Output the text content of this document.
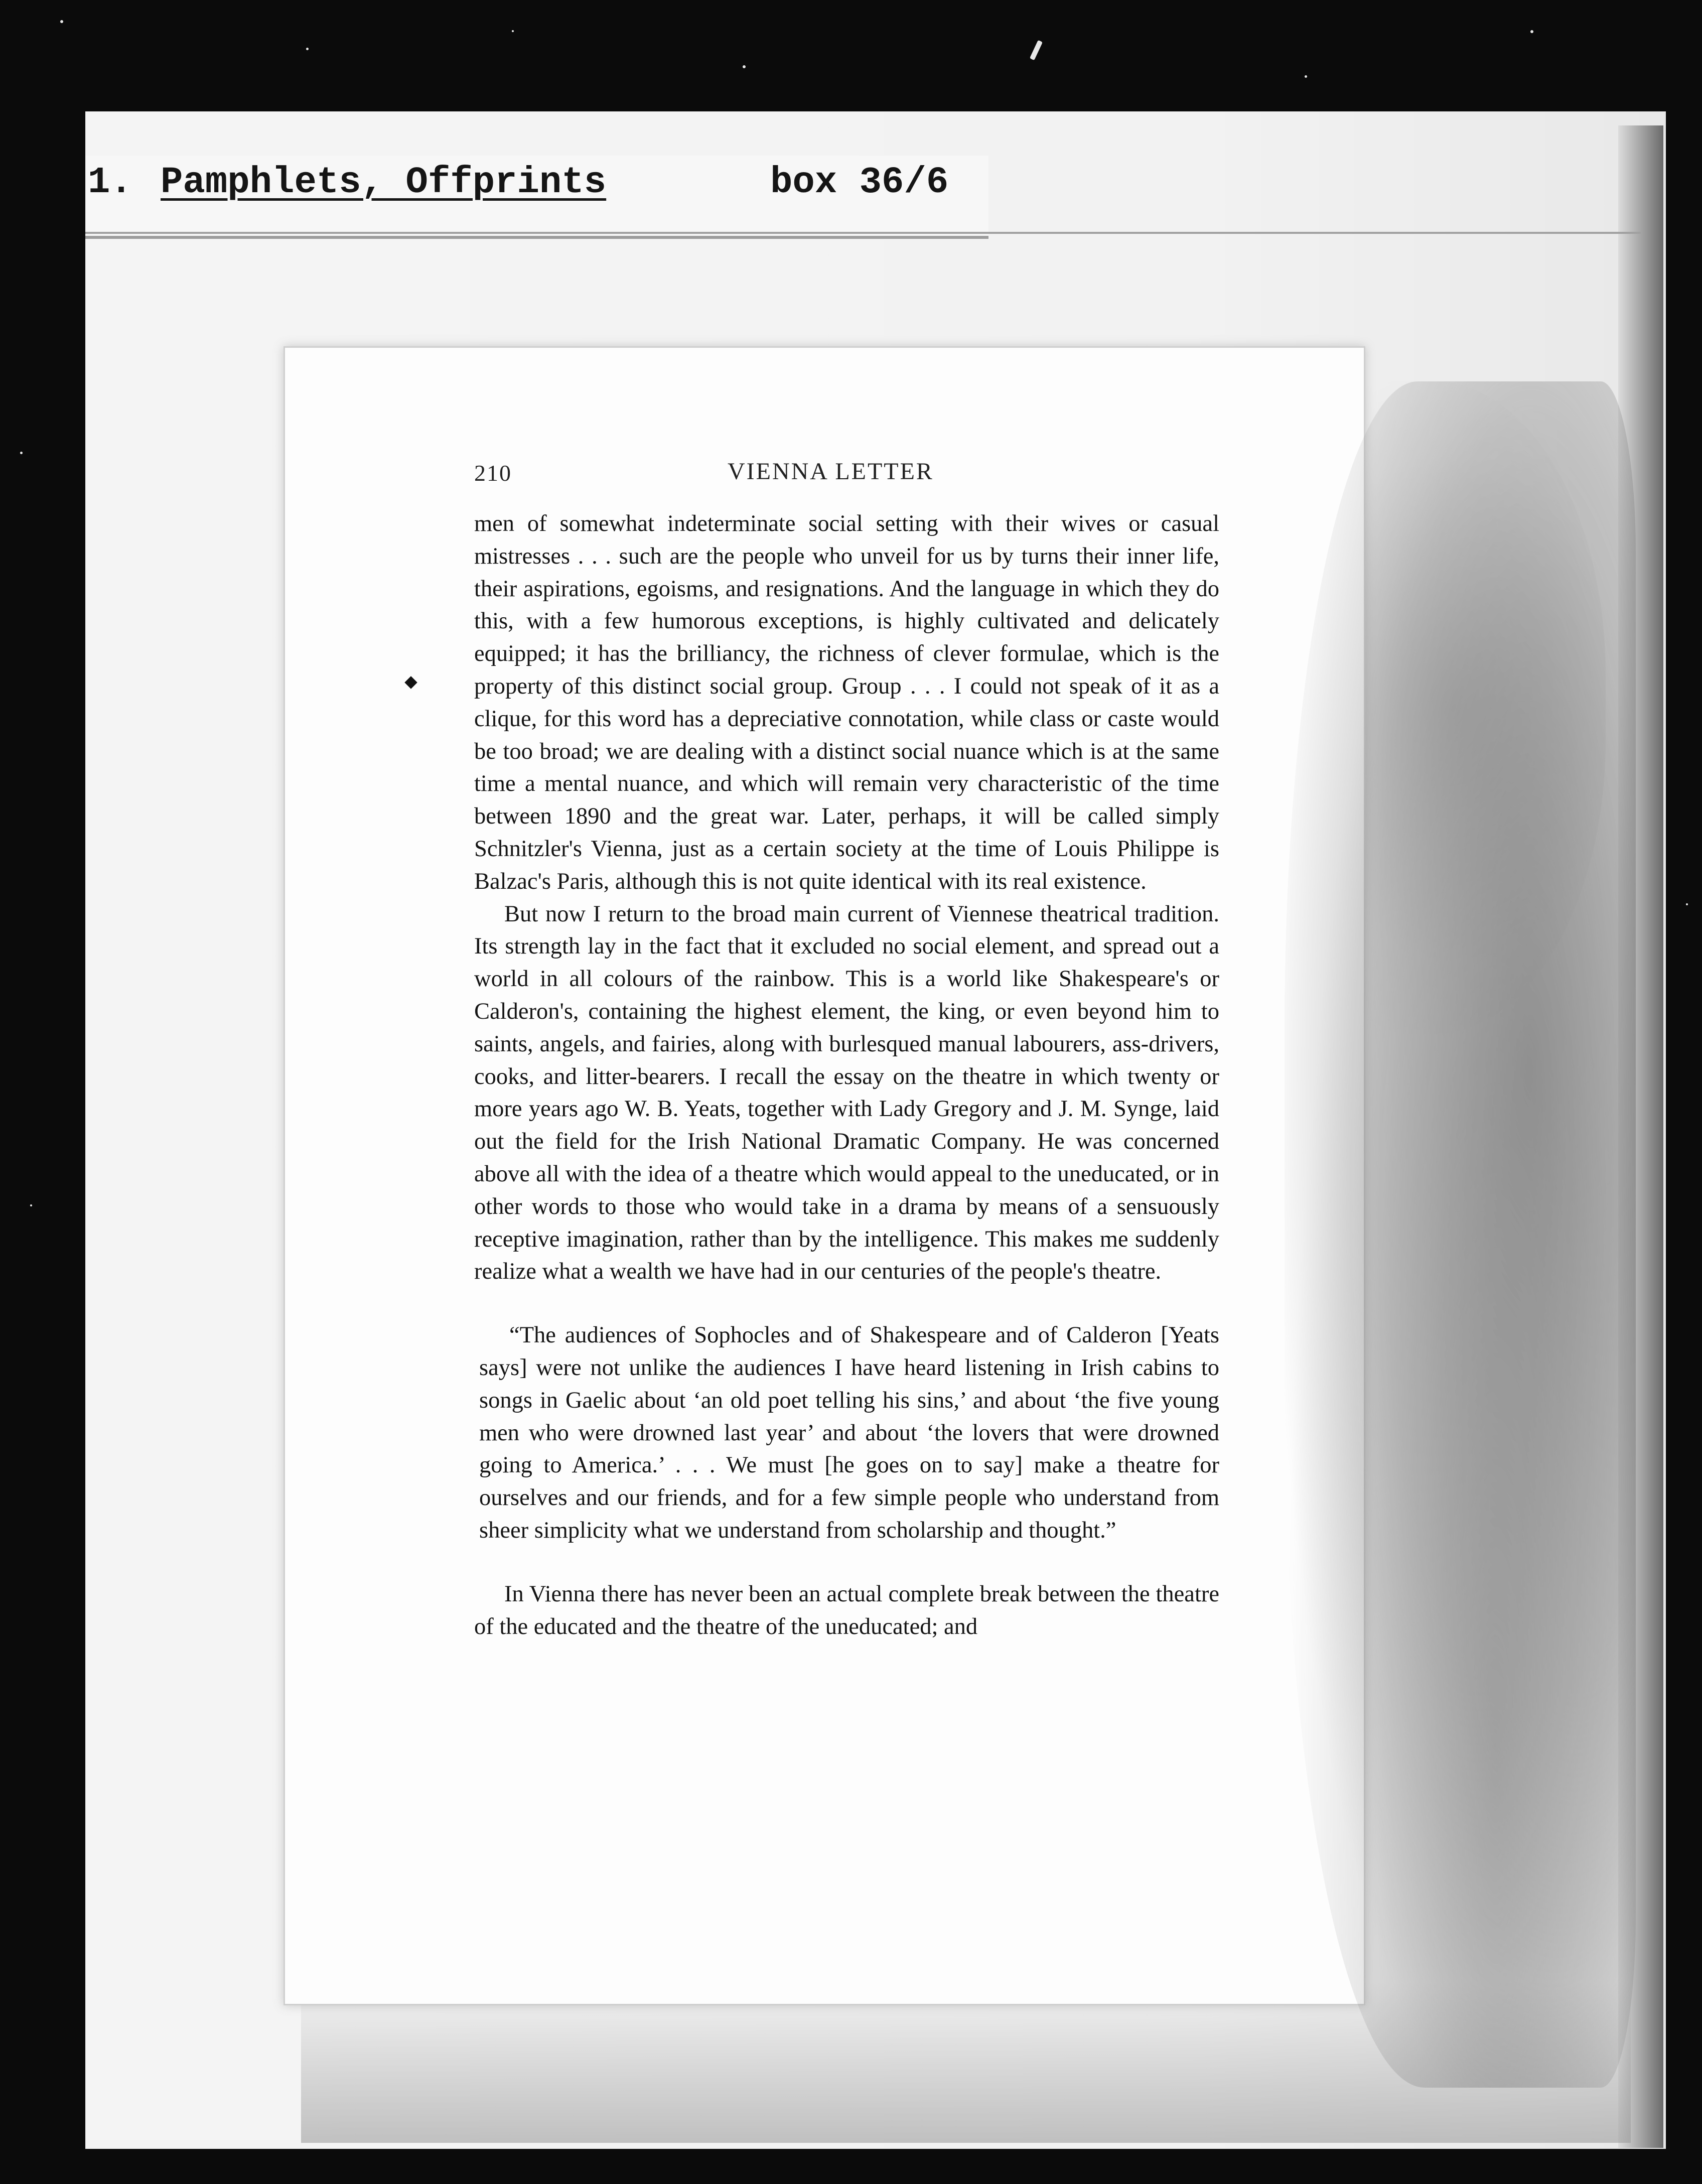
1. Pamphlets, Offprints	box 36/6
210	VIENNA LETTER

men of somewhat indeterminate social setting with their wives or casual mistresses . . . such are the people who unveil for us by turns their inner life, their aspirations, egoisms, and resignations. And the language in which they do this, with a few humorous exceptions, is highly cultivated and delicately equipped; it has the brilliancy, the richness of clever formulae, which is the property of this distinct social group. Group . . . I could not speak of it as a clique, for this word has a depreciative connotation, while class or caste would be too broad; we are dealing with a distinct social nuance which is at the same time a mental nuance, and which will remain very characteristic of the time between 1890 and the great war. Later, perhaps, it will be called simply Schnitzler's Vienna, just as a certain society at the time of Louis Philippe is Balzac's Paris, although this is not quite identical with its real existence.

But now I return to the broad main current of Viennese theatrical tradition. Its strength lay in the fact that it excluded no social element, and spread out a world in all colours of the rainbow. This is a world like Shakespeare's or Calderon's, containing the highest element, the king, or even beyond him to saints, angels, and fairies, along with burlesqued manual labourers, ass-drivers, cooks, and litter-bearers. I recall the essay on the theatre in which twenty or more years ago W. B. Yeats, together with Lady Gregory and J. M. Synge, laid out the field for the Irish National Dramatic Company. He was concerned above all with the idea of a theatre which would appeal to the uneducated, or in other words to those who would take in a drama by means of a sensuously receptive imagination, rather than by the intelligence. This makes me suddenly realize what a wealth we have had in our centuries of the people's theatre.

“The audiences of Sophocles and of Shakespeare and of Calderon [Yeats says] were not unlike the audiences I have heard listening in Irish cabins to songs in Gaelic about ‘an old poet telling his sins,’ and about ‘the five young men who were drowned last year’ and about ‘the lovers that were drowned going to America.’ . . . We must [he goes on to say] make a theatre for ourselves and our friends, and for a few simple people who understand from sheer simplicity what we understand from scholarship and thought.”

In Vienna there has never been an actual complete break between the theatre of the educated and the theatre of the uneducated; and
